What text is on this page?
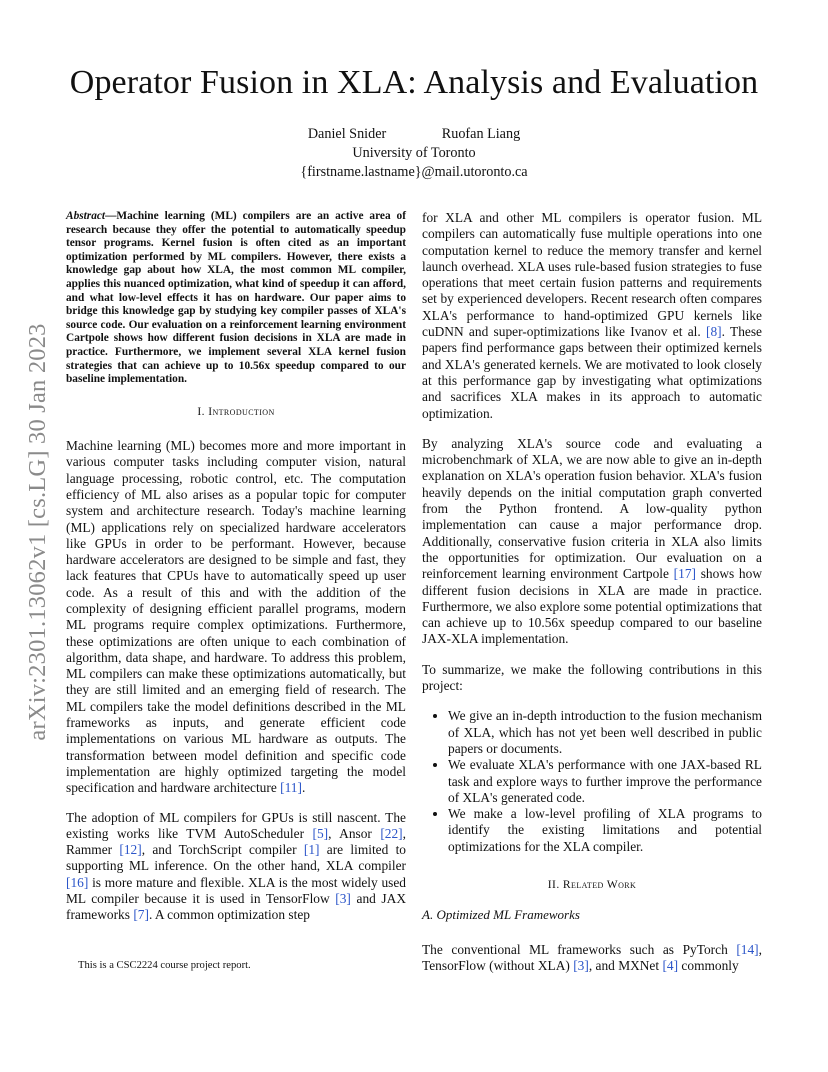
arXiv:2301.13062v1 [cs.LG] 30 Jan 2023
Operator Fusion in XLA: Analysis and Evaluation
Daniel Snider	Ruofan Liang
University of Toronto
{firstname.lastname}@mail.utoronto.ca

Abstract—Machine learning (ML) compilers are an active area of research because they offer the potential to automatically speedup tensor programs. Kernel fusion is often cited as an important optimization performed by ML compilers. However, there exists a knowledge gap about how XLA, the most common ML compiler, applies this nuanced optimization, what kind of speedup it can afford, and what low-level effects it has on hardware. Our paper aims to bridge this knowledge gap by studying key compiler passes of XLA's source code. Our evaluation on a reinforcement learning environment Cartpole shows how different fusion decisions in XLA are made in practice. Furthermore, we implement several XLA kernel fusion strategies that can achieve up to 10.56x speedup compared to our baseline implementation.

I. Introduction

Machine learning (ML) becomes more and more important in various computer tasks including computer vision, natural language processing, robotic control, etc. The computation efficiency of ML also arises as a popular topic for computer system and architecture research. Today's machine learning (ML) applications rely on specialized hardware accelerators like GPUs in order to be performant. However, because hardware accelerators are designed to be simple and fast, they lack features that CPUs have to automatically speed up user code. As a result of this and with the addition of the complexity of designing efficient parallel programs, modern ML programs require complex optimizations. Furthermore, these optimizations are often unique to each combination of algorithm, data shape, and hardware. To address this problem, ML compilers can make these optimizations automatically, but they are still limited and an emerging field of research. The ML compilers take the model definitions described in the ML frameworks as inputs, and generate efficient code implementations on various ML hardware as outputs. The transformation between model definition and specific code implementation are highly optimized targeting the model specification and hardware architecture [11].

The adoption of ML compilers for GPUs is still nascent. The existing works like TVM AutoScheduler [5], Ansor [22], Rammer [12], and TorchScript compiler [1] are limited to supporting ML inference. On the other hand, XLA compiler [16] is more mature and flexible. XLA is the most widely used ML compiler because it is used in TensorFlow [3] and JAX frameworks [7]. A common optimization step

for XLA and other ML compilers is operator fusion. ML compilers can automatically fuse multiple operations into one computation kernel to reduce the memory transfer and kernel launch overhead. XLA uses rule-based fusion strategies to fuse operations that meet certain fusion patterns and requirements set by experienced developers. Recent research often compares XLA's performance to hand-optimized GPU kernels like cuDNN and super-optimizations like Ivanov et al. [8]. These papers find performance gaps between their optimized kernels and XLA's generated kernels. We are motivated to look closely at this performance gap by investigating what optimizations and sacrifices XLA makes in its approach to automatic optimization.

By analyzing XLA's source code and evaluating a microbenchmark of XLA, we are now able to give an in-depth explanation on XLA's operation fusion behavior. XLA's fusion heavily depends on the initial computation graph converted from the Python frontend. A low-quality python implementation can cause a major performance drop. Additionally, conservative fusion criteria in XLA also limits the opportunities for optimization. Our evaluation on a reinforcement learning environment Cartpole [17] shows how different fusion decisions in XLA are made in practice. Furthermore, we also explore some potential optimizations that can achieve up to 10.56x speedup compared to our baseline JAX-XLA implementation.

To summarize, we make the following contributions in this project:

• We give an in-depth introduction to the fusion mechanism of XLA, which has not yet been well described in public papers or documents.
• We evaluate XLA's performance with one JAX-based RL task and explore ways to further improve the performance of XLA's generated code.
• We make a low-level profiling of XLA programs to identify the existing limitations and potential optimizations for the XLA compiler.

II. Related Work

A. Optimized ML Frameworks

The conventional ML frameworks such as PyTorch [14], TensorFlow (without XLA) [3], and MXNet [4] commonly

This is a CSC2224 course project report.
